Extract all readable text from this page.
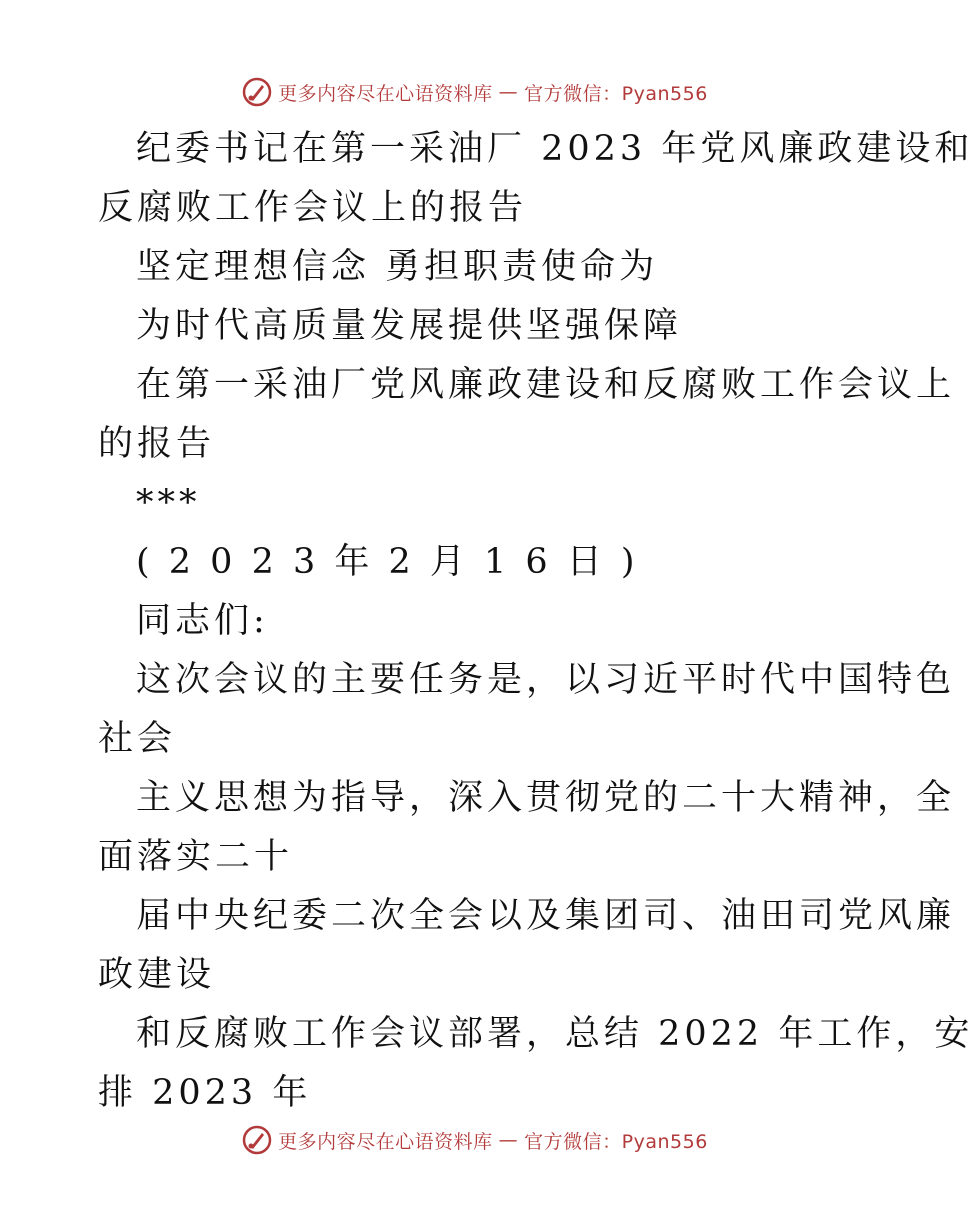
更多内容尽在心语资料库 — 官方微信：Pyan556
纪委书记在第一采油厂 2023 年党风廉政建设和
反腐败工作会议上的报告
坚定理想信念 勇担职责使命为
为时代高质量发展提供坚强保障
在第一采油厂党风廉政建设和反腐败工作会议上
的报告
***
( 2 0 2 3 年 2 月 1 6 日 )
同志们:
这次会议的主要任务是，以习近平时代中国特色
社会
主义思想为指导，深入贯彻党的二十大精神，全
面落实二十
届中央纪委二次全会以及集团司、油田司党风廉
政建设
和反腐败工作会议部署，总结 2022 年工作，安
排 2023 年
更多内容尽在心语资料库 — 官方微信：Pyan556
